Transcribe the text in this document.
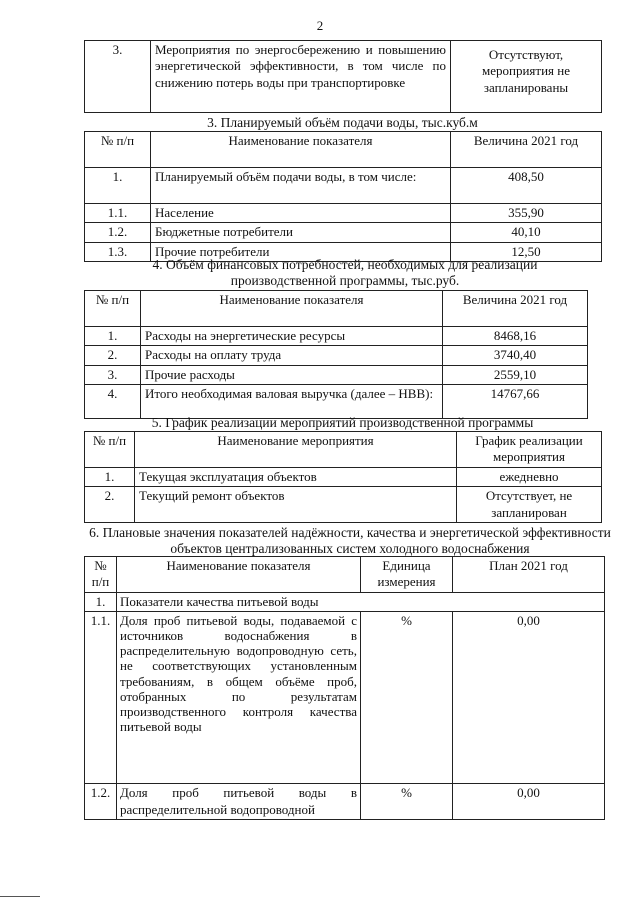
2
3.	Мероприятия по энергосбережению и повышению энергетической эффективности, в том числе по снижению потерь воды при транспортировке	Отсутствуют, мероприятия не запланированы
3. Планируемый объём подачи воды, тыс.куб.м
№ п/п	Наименование показателя	Величина 2021 год
1.	Планируемый объём подачи воды, в том числе:	408,50
1.1.	Население	355,90
1.2.	Бюджетные потребители	40,10
1.3.	Прочие потребители	12,50
4. Объём финансовых потребностей, необходимых для реализации производственной программы, тыс.руб.
№ п/п	Наименование показателя	Величина 2021 год
1.	Расходы на энергетические ресурсы	8468,16
2.	Расходы на оплату труда	3740,40
3.	Прочие расходы	2559,10
4.	Итого необходимая валовая выручка (далее – НВВ):	14767,66
5. График реализации мероприятий производственной программы
№ п/п	Наименование мероприятия	График реализации мероприятия
1.	Текущая эксплуатация объектов	ежедневно
2.	Текущий ремонт объектов	Отсутствует, не запланирован
6. Плановые значения показателей надёжности, качества и энергетической эффективности объектов централизованных систем холодного водоснабжения
№ п/п	Наименование показателя	Единица измерения	План 2021 год
1.	Показатели качества питьевой воды		
1.1.	Доля проб питьевой воды, подаваемой с источников водоснабжения в распределительную водопроводную сеть, не соответствующих установленным требованиям, в общем объёме проб, отобранных по результатам производственного контроля качества питьевой воды	%	0,00
1.2.	Доля проб питьевой воды в распределительной водопроводной	%	0,00
